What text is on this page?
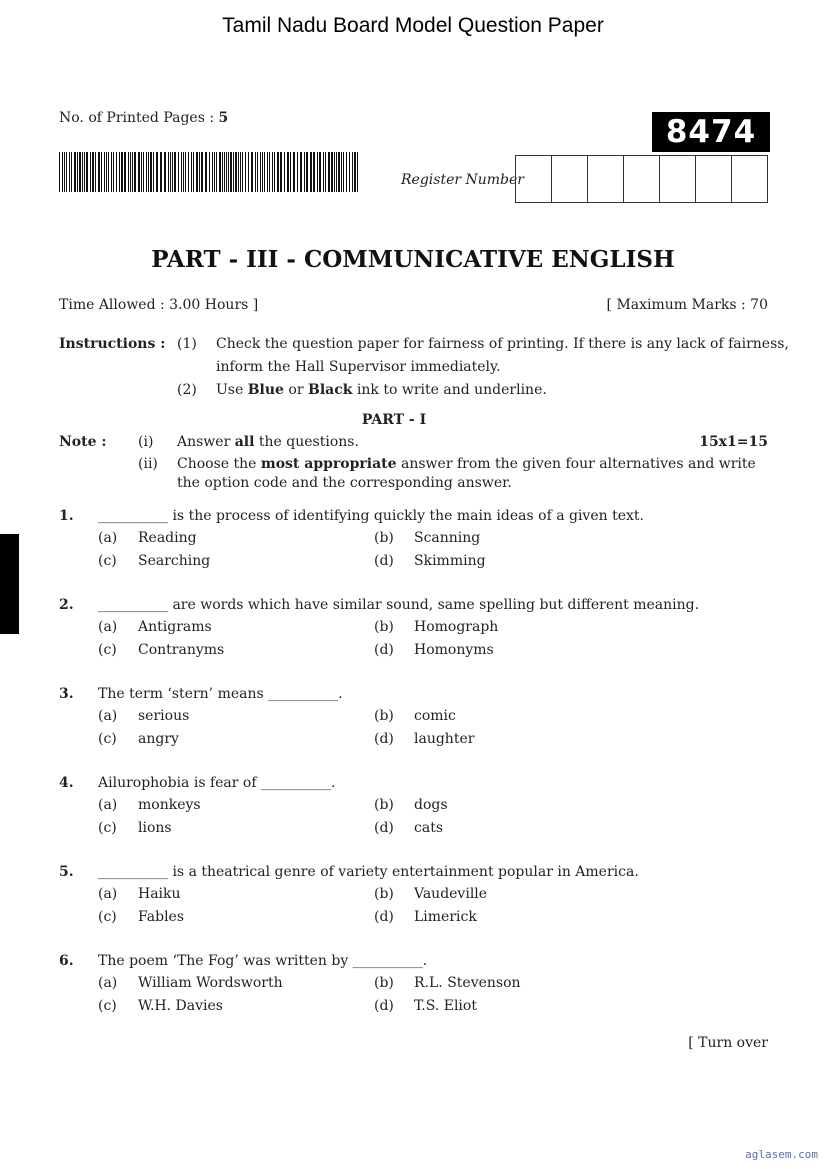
Tamil Nadu Board Model Question Paper
No. of Printed Pages : 5	8474
Register Number
PART - III - COMMUNICATIVE ENGLISH
Time Allowed : 3.00 Hours ]	[ Maximum Marks : 70
Instructions : (1) Check the question paper for fairness of printing. If there is any lack of fairness,
inform the Hall Supervisor immediately.
(2) Use Blue or Black ink to write and underline.
PART - I
Note : (i) Answer all the questions.	15x1=15
(ii) Choose the most appropriate answer from the given four alternatives and write
the option code and the corresponding answer.
1. __________ is the process of identifying quickly the main ideas of a given text.
(a) Reading	(b) Scanning
(c) Searching	(d) Skimming
2. __________ are words which have similar sound, same spelling but different meaning.
(a) Antigrams	(b) Homograph
(c) Contranyms	(d) Homonyms
3. The term ‘stern’ means __________.
(a) serious	(b) comic
(c) angry	(d) laughter
4. Ailurophobia is fear of __________.
(a) monkeys	(b) dogs
(c) lions	(d) cats
5. __________ is a theatrical genre of variety entertainment popular in America.
(a) Haiku	(b) Vaudeville
(c) Fables	(d) Limerick
6. The poem ‘The Fog’ was written by __________.
(a) William Wordsworth	(b) R.L. Stevenson
(c) W.H. Davies	(d) T.S. Eliot
[ Turn over
aglasem.com
